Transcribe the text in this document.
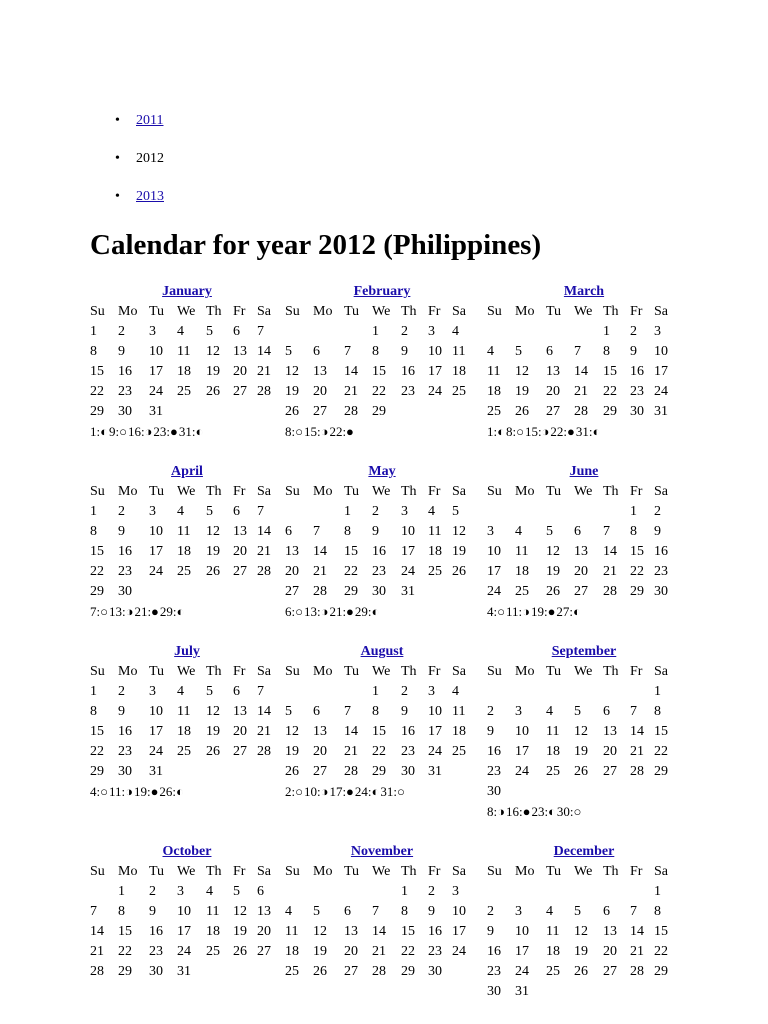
• 2011
• 2012
• 2013
Calendar for year 2012 (Philippines)
January
Su	Mo	Tu	We	Th	Fr	Sa
1	2	3	4	5	6	7
8	9	10	11	12	13	14
15	16	17	18	19	20	21
22	23	24	25	26	27	28
29	30	31				
1:◐9:○16:◑23:●31:◐
February
Su	Mo	Tu	We	Th	Fr	Sa
			1	2	3	4
5	6	7	8	9	10	11
12	13	14	15	16	17	18
19	20	21	22	23	24	25
26	27	28	29			
8:○15:◑22:●
March
Su	Mo	Tu	We	Th	Fr	Sa
				1	2	3
4	5	6	7	8	9	10
11	12	13	14	15	16	17
18	19	20	21	22	23	24
25	26	27	28	29	30	31
1:◐8:○15:◑22:●31:◐
April
Su	Mo	Tu	We	Th	Fr	Sa
1	2	3	4	5	6	7
8	9	10	11	12	13	14
15	16	17	18	19	20	21
22	23	24	25	26	27	28
29	30					
7:○13:◑21:●29:◐
May
Su	Mo	Tu	We	Th	Fr	Sa
		1	2	3	4	5
6	7	8	9	10	11	12
13	14	15	16	17	18	19
20	21	22	23	24	25	26
27	28	29	30	31		
6:○13:◑21:●29:◐
June
Su	Mo	Tu	We	Th	Fr	Sa
					1	2
3	4	5	6	7	8	9
10	11	12	13	14	15	16
17	18	19	20	21	22	23
24	25	26	27	28	29	30
4:○11:◑19:●27:◐
July
Su	Mo	Tu	We	Th	Fr	Sa
1	2	3	4	5	6	7
8	9	10	11	12	13	14
15	16	17	18	19	20	21
22	23	24	25	26	27	28
29	30	31				
4:○11:◑19:●26:◐
August
Su	Mo	Tu	We	Th	Fr	Sa
			1	2	3	4
5	6	7	8	9	10	11
12	13	14	15	16	17	18
19	20	21	22	23	24	25
26	27	28	29	30	31	
2:○10:◑17:●24:◐31:○
September
Su	Mo	Tu	We	Th	Fr	Sa
						1
2	3	4	5	6	7	8
9	10	11	12	13	14	15
16	17	18	19	20	21	22
23	24	25	26	27	28	29
30						
8:◑16:●23:◐30:○
October
Su	Mo	Tu	We	Th	Fr	Sa
	1	2	3	4	5	6
7	8	9	10	11	12	13
14	15	16	17	18	19	20
21	22	23	24	25	26	27
28	29	30	31			
November
Su	Mo	Tu	We	Th	Fr	Sa
				1	2	3
4	5	6	7	8	9	10
11	12	13	14	15	16	17
18	19	20	21	22	23	24
25	26	27	28	29	30	
December
Su	Mo	Tu	We	Th	Fr	Sa
						1
2	3	4	5	6	7	8
9	10	11	12	13	14	15
16	17	18	19	20	21	22
23	24	25	26	27	28	29
30	31					
